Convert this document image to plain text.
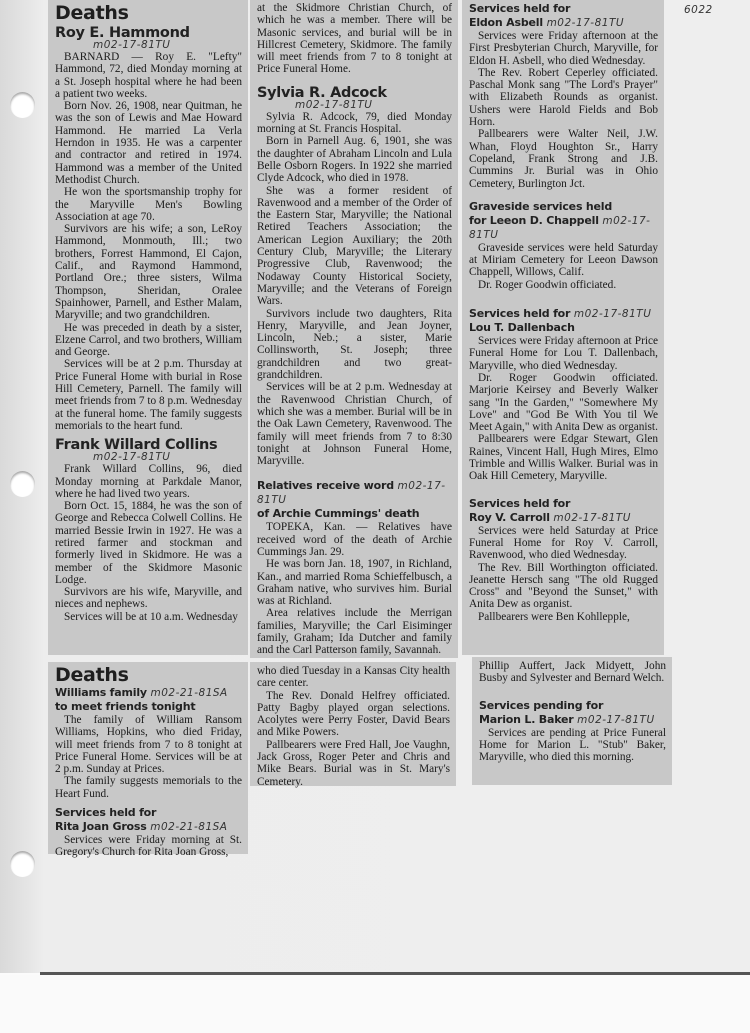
6022
Deaths
Roy E. Hammond
m02-17-81TU

BARNARD — Roy E. "Lefty" Hammond, 72, died Monday morning at a St. Joseph hospital where he had been a patient two weeks.

Born Nov. 26, 1908, near Quitman, he was the son of Lewis and Mae Howard Hammond. He married La Verla Herndon in 1935. He was a carpenter and contractor and retired in 1974. Hammond was a member of the United Methodist Church.

He won the sportsmanship trophy for the Maryville Men's Bowling Association at age 70.

Survivors are his wife; a son, LeRoy Hammond, Monmouth, Ill.; two brothers, Forrest Hammond, El Cajon, Calif., and Raymond Hammond, Portland Ore.; three sisters, Wilma Thompson, Sheridan, Oralee Spainhower, Parnell, and Esther Malam, Maryville; and two grandchildren.

He was preceded in death by a sister, Elzene Carrol, and two brothers, William and George.

Services will be at 2 p.m. Thursday at Price Funeral Home with burial in Rose Hill Cemetery, Parnell. The family will meet friends from 7 to 8 p.m. Wednesday at the funeral home. The family suggests memorials to the heart fund.

Frank Willard Collins
m02-17-81TU

Frank Willard Collins, 96, died Monday morning at Parkdale Manor, where he had lived two years.

Born Oct. 15, 1884, he was the son of George and Rebecca Colwell Collins. He married Bessie Irwin in 1927. He was a retired farmer and stockman and formerly lived in Skidmore. He was a member of the Skidmore Masonic Lodge.

Survivors are his wife, Maryville, and nieces and nephews.

Services will be at 10 a.m. Wednesday

at the Skidmore Christian Church, of which he was a member. There will be Masonic services, and burial will be in Hillcrest Cemetery, Skidmore. The family will meet friends from 7 to 8 tonight at Price Funeral Home.

Sylvia R. Adcock
m02-17-81TU

Sylvia R. Adcock, 79, died Monday morning at St. Francis Hospital.

Born in Parnell Aug. 6, 1901, she was the daughter of Abraham Lincoln and Lula Belle Osborn Rogers. In 1922 she married Clyde Adcock, who died in 1978.

She was a former resident of Ravenwood and a member of the Order of the Eastern Star, Maryville; the National Retired Teachers Association; the American Legion Auxiliary; the 20th Century Club, Maryville; the Literary Progressive Club, Ravenwood; the Nodaway County Historical Society, Maryville; and the Veterans of Foreign Wars.

Survivors include two daughters, Rita Henry, Maryville, and Jean Joyner, Lincoln, Neb.; a sister, Marie Collinsworth, St. Joseph; three grandchildren and two great-grandchildren.

Services will be at 2 p.m. Wednesday at the Ravenwood Christian Church, of which she was a member. Burial will be in the Oak Lawn Cemetery, Ravenwood. The family will meet friends from 7 to 8:30 tonight at Johnson Funeral Home, Maryville.

Relatives receive word m02-17-81TU
of Archie Cummings' death

TOPEKA, Kan. — Relatives have received word of the death of Archie Cummings Jan. 29.

He was born Jan. 18, 1907, in Richland, Kan., and married Roma Schieffelbusch, a Graham native, who survives him. Burial was at Richland.

Area relatives include the Merrigan families, Maryville; the Carl Eisiminger family, Graham; Ida Dutcher and family and the Carl Patterson family, Savannah.

Services held for
Eldon Asbell m02-17-81TU

Services were Friday afternoon at the First Presbyterian Church, Maryville, for Eldon H. Asbell, who died Wednesday.

The Rev. Robert Ceperley officiated. Paschal Monk sang "The Lord's Prayer" with Elizabeth Rounds as organist. Ushers were Harold Fields and Bob Horn.

Pallbearers were Walter Neil, J.W. Whan, Floyd Houghton Sr., Harry Copeland, Frank Strong and J.B. Cummins Jr. Burial was in Ohio Cemetery, Burlington Jct.

Graveside services held
for Leeon D. Chappell m02-17-81TU

Graveside services were held Saturday at Miriam Cemetery for Leeon Dawson Chappell, Willows, Calif.

Dr. Roger Goodwin officiated.

Services held for m02-17-81TU
Lou T. Dallenbach

Services were Friday afternoon at Price Funeral Home for Lou T. Dallenbach, Maryville, who died Wednesday.

Dr. Roger Goodwin officiated. Marjorie Keirsey and Beverly Walker sang "In the Garden," "Somewhere My Love" and "God Be With You til We Meet Again," with Anita Dew as organist.

Pallbearers were Edgar Stewart, Glen Raines, Vincent Hall, Hugh Mires, Elmo Trimble and Willis Walker. Burial was in Oak Hill Cemetery, Maryville.

Services held for
Roy V. Carroll m02-17-81TU

Services were held Saturday at Price Funeral Home for Roy V. Carroll, Ravenwood, who died Wednesday.

The Rev. Bill Worthington officiated. Jeanette Hersch sang "The old Rugged Cross" and "Beyond the Sunset," with Anita Dew as organist.

Pallbearers were Ben Kohllepple,

Phillip Auffert, Jack Midyett, John Busby and Sylvester and Bernard Welch.

Services pending for
Marion L. Baker m02-17-81TU

Services are pending at Price Funeral Home for Marion L. "Stub" Baker, Maryville, who died this morning.

Deaths
Williams family m02-21-81SA
to meet friends tonight

The family of William Ransom Williams, Hopkins, who died Friday, will meet friends from 7 to 8 tonight at Price Funeral Home. Services will be at 2 p.m. Sunday at Prices.

The family suggests memorials to the Heart Fund.

Services held for
Rita Joan Gross m02-21-81SA

Services were Friday morning at St. Gregory's Church for Rita Joan Gross,

who died Tuesday in a Kansas City health care center.

The Rev. Donald Helfrey officiated. Patty Bagby played organ selections. Acolytes were Perry Foster, David Bears and Mike Powers.

Pallbearers were Fred Hall, Joe Vaughn, Jack Gross, Roger Peter and Chris and Mike Bears. Burial was in St. Mary's Cemetery.
